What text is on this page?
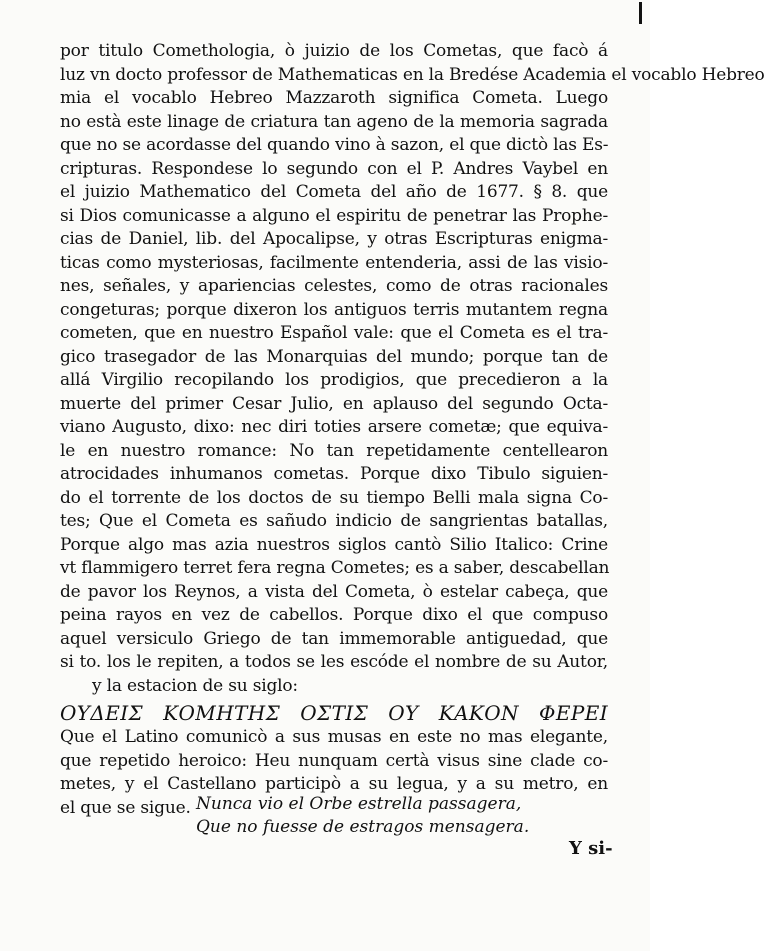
por titulo Comethologia, ò juizio de los Cometas, que facò á
luz vn docto professor de Mathematicas en la Bredése Academia el vocablo Hebreo
mia el vocablo Hebreo Mazzaroth significa Cometa. Luego
no està este linage de criatura tan ageno de la memoria sagrada
que no se acordasse del quando vino à sazon, el que dictò las Es-
cripturas. Respondese lo segundo con el P. Andres Vaybel en
el juizio Mathematico del Cometa del año de 1677. § 8. que
si Dios comunicasse a alguno el espiritu de penetrar las Prophe-
cias de Daniel, lib. del Apocalipse, y otras Escripturas enigma-
ticas como mysteriosas, facilmente entenderia, assi de las visio-
nes, señales, y apariencias celestes, como de otras racionales
congeturas; porque dixeron los antiguos terris mutantem regna
cometen, que en nuestro Español vale: que el Cometa es el tra-
gico trasegador de las Monarquias del mundo; porque tan de
allá Virgilio recopilando los prodigios, que precedieron a la
muerte del primer Cesar Julio, en aplauso del segundo Octa-
viano Augusto, dixo: nec diri toties arsere cometæ; que equiva-
le en nuestro romance: No tan repetidamente centellearon
atrocidades inhumanos cometas. Porque dixo Tibulo siguien-
do el torrente de los doctos de su tiempo Belli mala signa Co-
tes; Que el Cometa es sañudo indicio de sangrientas batallas,
Porque algo mas azia nuestros siglos cantò Silio Italico: Crine
vt flammigero terret fera regna Cometes; es a saber, descabellan
de pavor los Reynos, a vista del Cometa, ò estelar cabeça, que
peina rayos en vez de cabellos. Porque dixo el que compuso
aquel versiculo Griego de tan immemorable antiguedad, que
si to. los le repiten, a todos se les escóde el nombre de su Autor,
y la estacion de su siglo:
ΟΥΔΕΙΣ ΚΟΜΗΤΗΣ ΟΣΤΙΣ ΟΥ ΚΑΚΟΝ ΦΕΡΕΙ
Que el Latino comunicò a sus musas en este no mas elegante,
que repetido heroico: Heu nunquam certà visus sine clade co-
metes, y el Castellano participò a su legua, y a su metro, en
el que se sigue. Nunca vio el Orbe estrella passagera,
Que no fuesse de estragos mensagera.
Y si-
